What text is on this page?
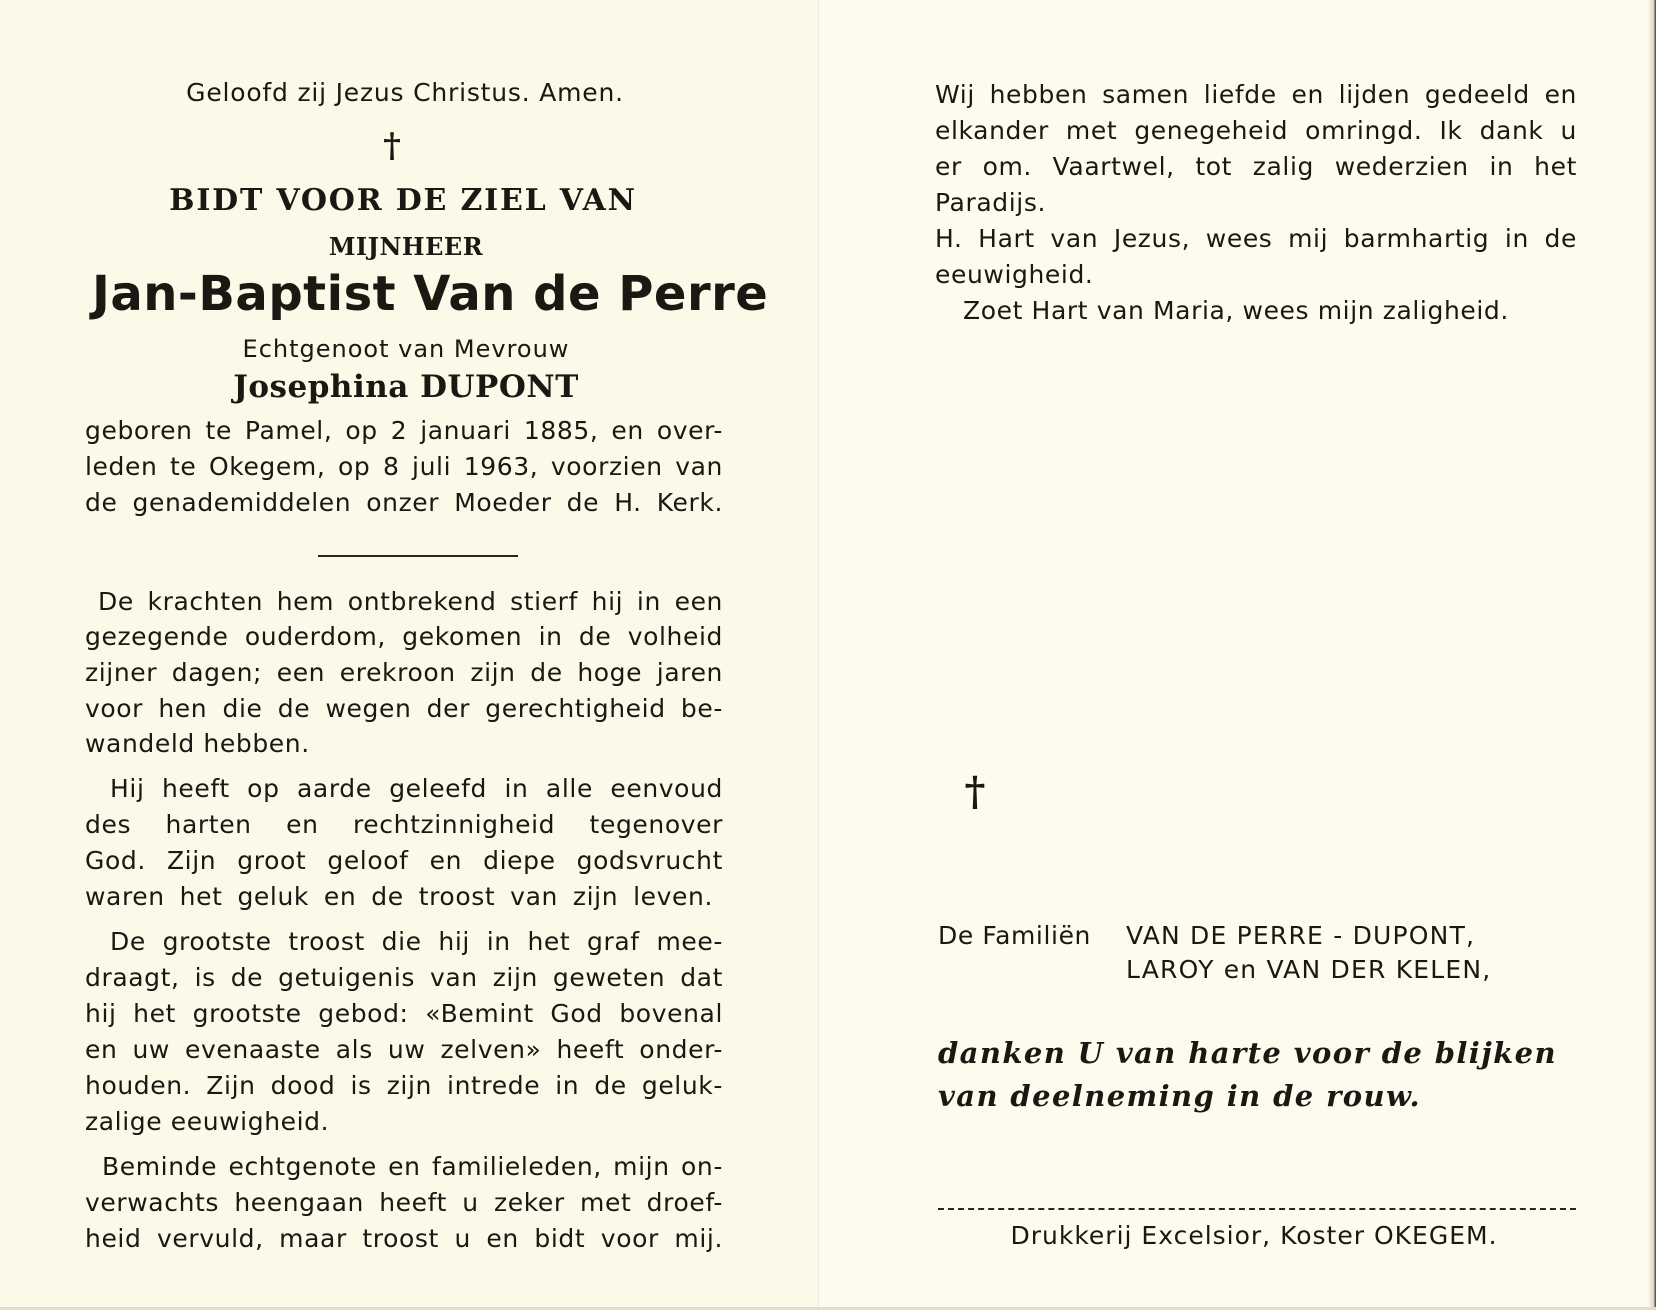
Geloofd zij Jezus Christus. Amen.
†
BIDT VOOR DE ZIEL VAN
MIJNHEER
Jan-Baptist Van de Perre
Echtgenoot van Mevrouw
Josephina DUPONT
geboren te Pamel, op 2 januari 1885, en over-
leden te Okegem, op 8 juli 1963, voorzien van
de genademiddelen onzer Moeder de H. Kerk.
De krachten hem ontbrekend stierf hij in een
gezegende ouderdom, gekomen in de volheid
zijner dagen; een erekroon zijn de hoge jaren
voor hen die de wegen der gerechtigheid be-
wandeld hebben.
Hij heeft op aarde geleefd in alle eenvoud
des harten en rechtzinnigheid tegenover
God. Zijn groot geloof en diepe godsvrucht
waren het geluk en de troost van zijn leven.
De grootste troost die hij in het graf mee-
draagt, is de getuigenis van zijn geweten dat
hij het grootste gebod: «Bemint God bovenal
en uw evenaaste als uw zelven» heeft onder-
houden. Zijn dood is zijn intrede in de geluk-
zalige eeuwigheid.
Beminde echtgenote en familieleden, mijn on-
verwachts heengaan heeft u zeker met droef-
heid vervuld, maar troost u en bidt voor mij.
Wij hebben samen liefde en lijden gedeeld en
elkander met genegeheid omringd. Ik dank u
er om. Vaartwel, tot zalig wederzien in het
Paradijs.
H. Hart van Jezus, wees mij barmhartig in de
eeuwigheid.
Zoet Hart van Maria, wees mijn zaligheid.
†
De Familiën VAN DE PERRE - DUPONT,
LAROY en VAN DER KELEN,
danken U van harte voor de blijken
van deelneming in de rouw.
Drukkerij Excelsior, Koster OKEGEM.
